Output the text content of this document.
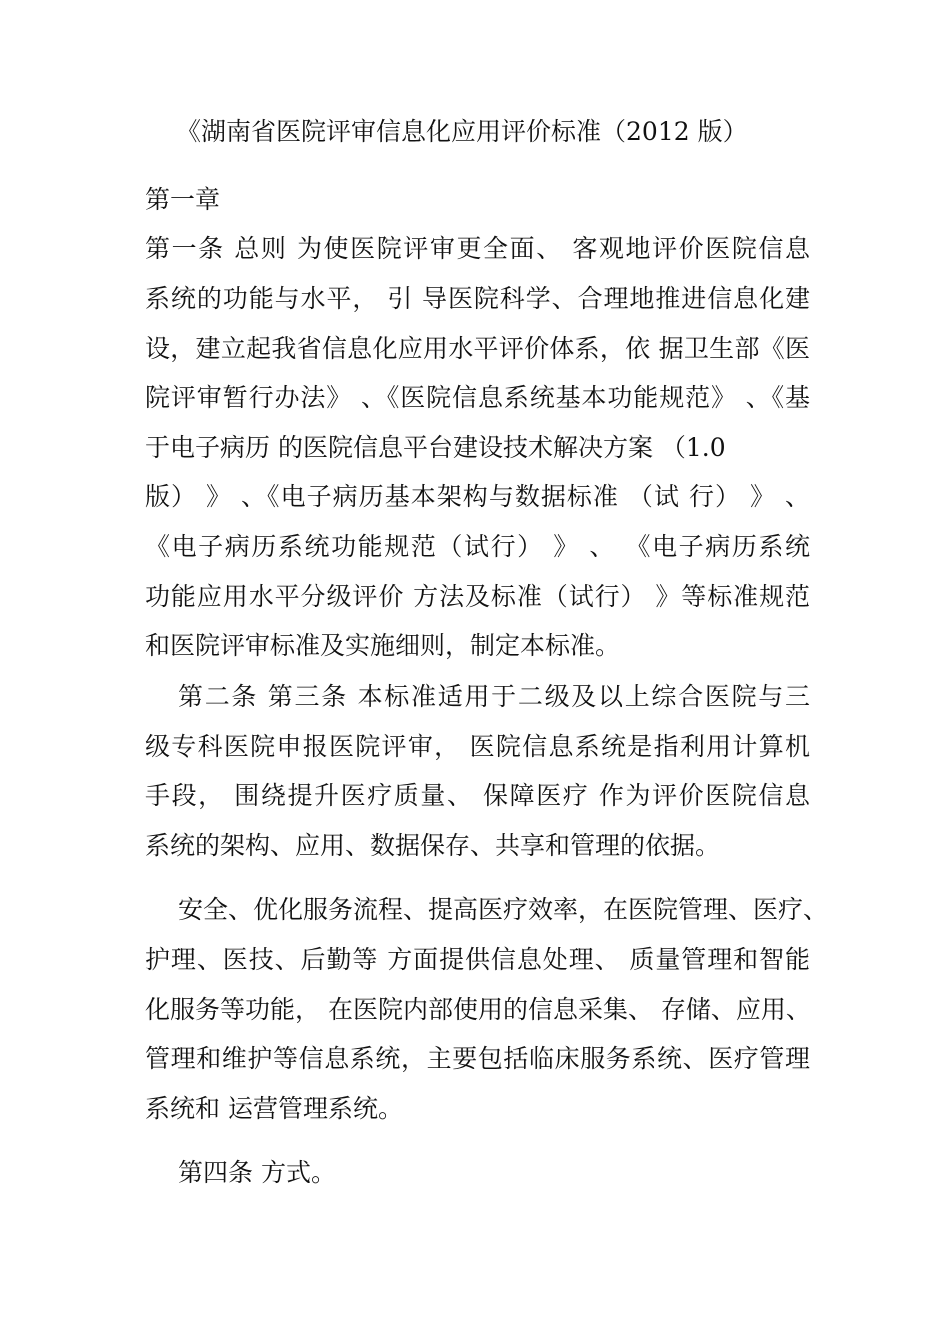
《湖南省医院评审信息化应用评价标准（2012 版）

第一章

第一条 总则 为使医院评审更全面、 客观地评价医院信息

系统的功能与水平， 引 导医院科学、合理地推进信息化建

设，建立起我省信息化应用水平评价体系，依 据卫生部《医

院评审暂行办法》 、《医院信息系统基本功能规范》 、《基

于电子病历 的医院信息平台建设技术解决方案 （1.0

版） 》 、《电子病历基本架构与数据标准 （试 行） 》 、

《电子病历系统功能规范（试行） 》 、 《电子病历系统

功能应用水平分级评价 方法及标准（试行） 》等标准规范

和医院评审标准及实施细则，制定本标准。

第二条 第三条 本标准适用于二级及以上综合医院与三

级专科医院申报医院评审， 医院信息系统是指利用计算机

手段， 围绕提升医疗质量、 保障医疗 作为评价医院信息

系统的架构、应用、数据保存、共享和管理的依据。

安全、优化服务流程、提高医疗效率，在医院管理、医疗、

护理、医技、后勤等 方面提供信息处理、 质量管理和智能

化服务等功能， 在医院内部使用的信息采集、 存储、应用、

管理和维护等信息系统，主要包括临床服务系统、医疗管理

系统和 运营管理系统。

第四条 方式。
